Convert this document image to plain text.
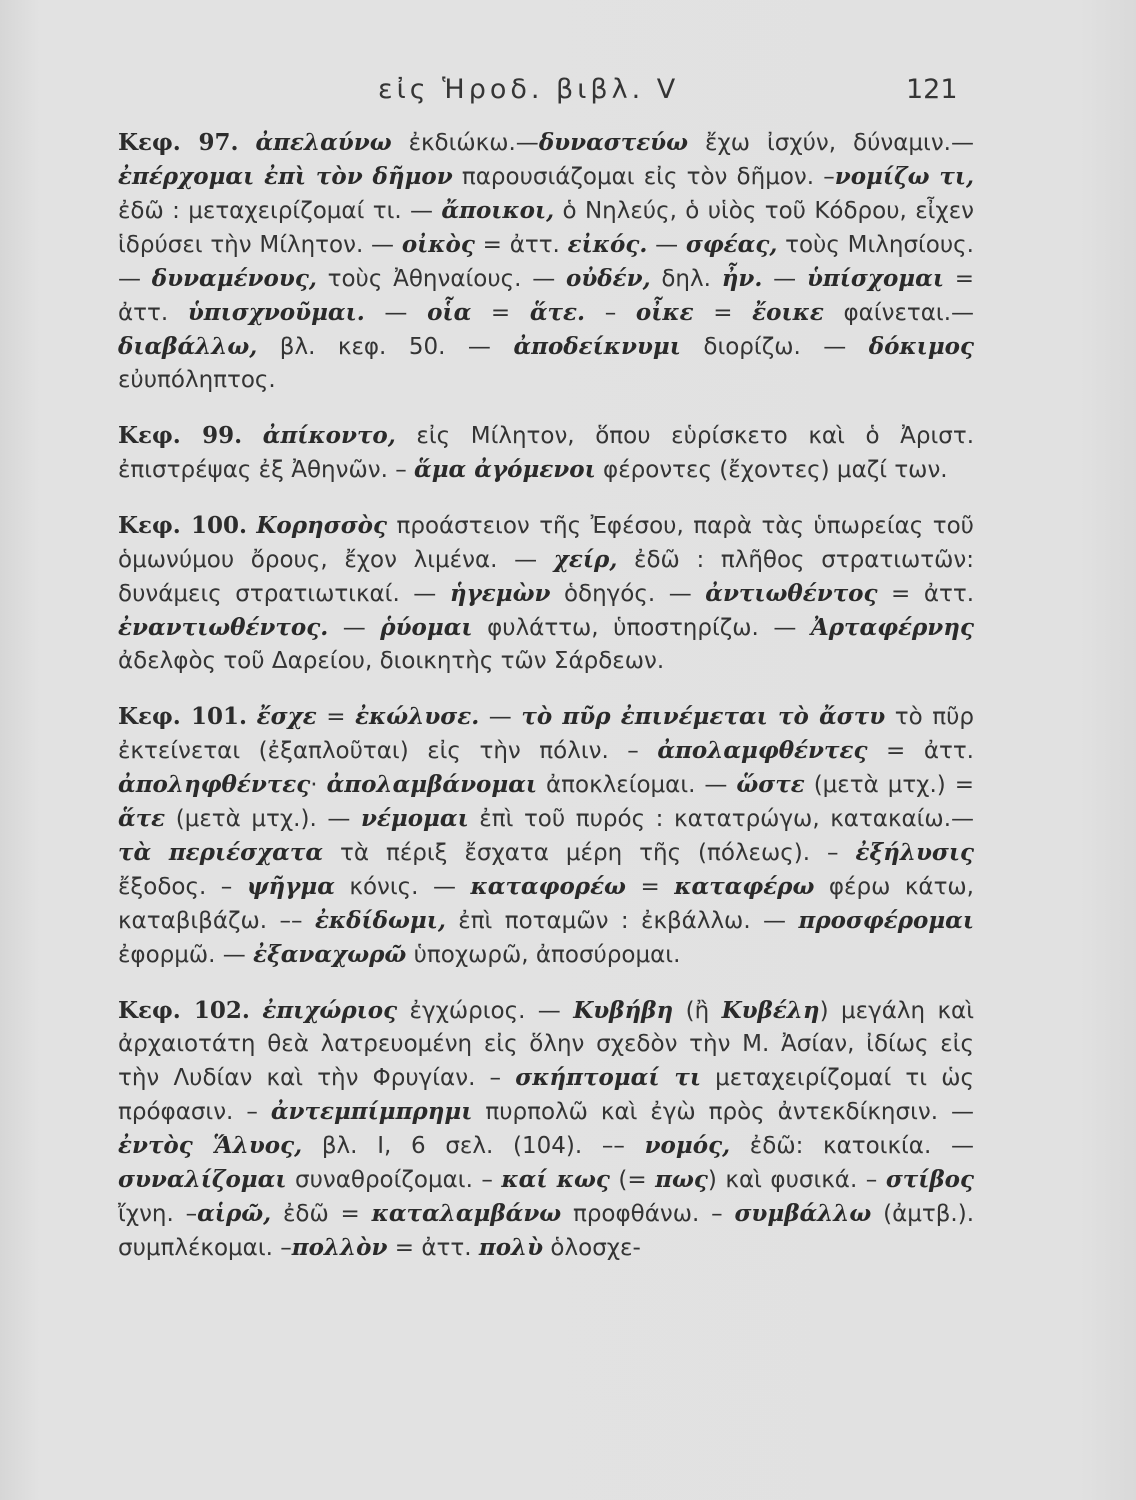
εἰς Ἡροδ. βιβλ. V	121

Κεφ. 97. ἀπελαύνω ἐκδιώκω.—δυναστεύω ἔχω ἰσχύν, δύναμιν.— ἐπέρχομαι ἐπὶ τὸν δῆμον παρουσιάζομαι εἰς τὸν δῆμον. –νομίζω τι, ἐδῶ : μεταχειρίζομαί τι. — ἄποικοι, ὁ Νηλεύς, ὁ υἱὸς τοῦ Κόδρου, εἶχεν ἱδρύσει τὴν Μίλητον. — οἰκὸς = ἀττ. εἰκός. — σφέας, τοὺς Μιλησίους. — δυναμένους, τοὺς Ἀθηναίους. — οὐδέν, δηλ. ἦν. — ὑπίσχομαι = ἀττ. ὑπισχνοῦμαι. — οἷα = ἅτε. – οἶκε = ἔοικε φαίνεται.— διαβάλλω, βλ. κεφ. 50. — ἀποδείκνυμι διορίζω. — δόκιμος εὐυπόληπτος.

Κεφ. 99. ἀπίκοντο, εἰς Μίλητον, ὅπου εὑρίσκετο καὶ ὁ Ἀριστ. ἐπιστρέψας ἐξ Ἀθηνῶν. – ἅμα ἀγόμενοι φέροντες (ἔχοντες) μαζί των.

Κεφ. 100. Κορησσὸς προάστειον τῆς Ἐφέσου, παρὰ τὰς ὑπωρείας τοῦ ὁμωνύμου ὄρους, ἔχον λιμένα. — χείρ, ἐδῶ : πλῆθος στρατιωτῶν: δυνάμεις στρατιωτικαί. — ἡγεμὼν ὁδηγός. — ἀντιωθέντος = ἀττ. ἐναντιωθέντος. — ῥύομαι φυλάττω, ὑποστηρίζω. — Ἀρταφέρνης ἀδελφὸς τοῦ Δαρείου, διοικητὴς τῶν Σάρδεων.

Κεφ. 101. ἔσχε = ἐκώλυσε. — τὸ πῦρ ἐπινέμεται τὸ ἄστυ τὸ πῦρ ἐκτείνεται (ἐξαπλοῦται) εἰς τὴν πόλιν. – ἀπολαμφθέντες = ἀττ. ἀποληφθέντες· ἀπολαμβάνομαι ἀποκλείομαι. — ὥστε (μετὰ μτχ.) = ἅτε (μετὰ μτχ.). — νέμομαι ἐπὶ τοῦ πυρός : κατατρώγω, κατακαίω.— τὰ περιέσχατα τὰ πέριξ ἔσχατα μέρη τῆς (πόλεως). – ἐξήλυσις ἔξοδος. – ψῆγμα κόνις. — καταφορέω = καταφέρω φέρω κάτω, καταβιβάζω. –– ἐκδίδωμι, ἐπὶ ποταμῶν : ἐκβάλλω. — προσφέρομαι ἐφορμῶ. — ἐξαναχωρῶ ὑποχωρῶ, ἀποσύρομαι.

Κεφ. 102. ἐπιχώριος ἐγχώριος. — Κυβήβη (ἢ Κυβέλη) μεγάλη καὶ ἀρχαιοτάτη θεὰ λατρευομένη εἰς ὅλην σχεδὸν τὴν Μ. Ἀσίαν, ἰδίως εἰς τὴν Λυδίαν καὶ τὴν Φρυγίαν. – σκήπτομαί τι μεταχειρίζομαί τι ὡς πρόφασιν. – ἀντεμπίμπρημι πυρπολῶ καὶ ἐγὼ πρὸς ἀντεκδίκησιν. — ἐντὸς Ἅλυος, βλ. Ι, 6 σελ. (104). –– νομός, ἐδῶ: κατοικία. — συναλίζομαι συναθροίζομαι. – καί κως (= πως) καὶ φυσικά. – στίβος ἴχνη. –αἱρῶ, ἐδῶ = καταλαμβάνω προφθάνω. – συμβάλλω (ἀμτβ.). συμπλέκομαι. –πολλὸν = ἀττ. πολὺ ὁλοσχε-
